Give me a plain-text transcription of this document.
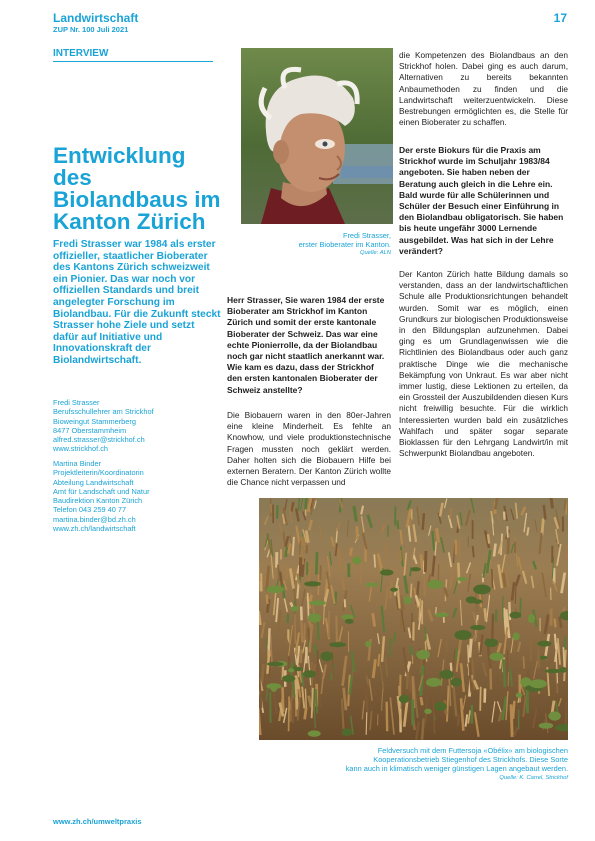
Landwirtschaft
ZUP Nr. 100 Juli 2021
17
INTERVIEW
Entwicklung des Biolandbaus im Kanton Zürich
Fredi Strasser war 1984 als erster offizieller, staatlicher Bioberater des Kantons Zürich schweizweit ein Pionier. Das war noch vor offiziellen Standards und breit angelegter Forschung im Biolandbau. Für die Zukunft steckt Strasser hohe Ziele und setzt dafür auf Initiative und Innovationskraft der Biolandwirtschaft.
Fredi Strasser
Berufsschullehrer am Strickhof
Bioweingut Stammerberg
8477 Oberstammheim
alfred.strasser@strickhof.ch
www.strickhof.ch
Martina Binder
Projektleiterin/Koordinatorin
Abteilung Landwirtschaft
Amt für Landschaft und Natur
Baudirektion Kanton Zürich
Telefon 043 259 40 77
martina.binder@bd.zh.ch
www.zh.ch/landwirtschaft
Fredi Strasser,
erster Bioberater im Kanton.
Quelle: ALN
Herr Strasser, Sie waren 1984 der erste Bioberater am Strickhof im Kanton Zürich und somit der erste kantonale Bioberater der Schweiz. Das war eine echte Pionierrolle, da der Biolandbau noch gar nicht staatlich anerkannt war. Wie kam es dazu, dass der Strickhof den ersten kantonalen Bioberater der Schweiz anstellte?
Die Biobauern waren in den 80er-Jahren eine kleine Minderheit. Es fehlte an Knowhow, und viele produktionstechnische Fragen mussten noch geklärt werden. Daher holten sich die Biobauern Hilfe bei externen Beratern. Der Kanton Zürich wollte die Chance nicht verpassen und
die Kompetenzen des Biolandbaus an den Strickhof holen. Dabei ging es auch darum, Alternativen zu bereits bekannten Anbaumethoden zu finden und die Landwirtschaft weiterzuentwickeln. Diese Bestrebungen ermöglichten es, die Stelle für einen Bioberater zu schaffen.
Der erste Biokurs für die Praxis am Strickhof wurde im Schuljahr 1983/84 angeboten. Sie haben neben der Beratung auch gleich in die Lehre ein. Bald wurde für alle Schülerinnen und Schüler der Besuch einer Einführung in den Biolandbau obligatorisch. Sie haben bis heute ungefähr 3000 Lernende ausgebildet. Was hat sich in der Lehre verändert?
Der Kanton Zürich hatte Bildung damals so verstanden, dass an der landwirtschaftlichen Schule alle Produktionsrichtungen behandelt wurden. Somit war es möglich, einen Grundkurs zur biologischen Produktionsweise in den Bildungsplan aufzunehmen. Dabei ging es um Grundlagenwissen wie die Richtlinien des Biolandbaus oder auch ganz praktische Dinge wie die mechanische Bekämpfung von Unkraut. Es war aber nicht immer lustig, diese Lektionen zu erteilen, da ein Grossteil der Auszubildenden diesen Kurs nicht freiwillig besuchte. Für die wirklich Interessierten wurden bald ein zusätzliches Wahlfach und später sogar separate Bioklassen für den Lehrgang Landwirt/in mit Schwerpunkt Biolandbau angeboten.
Feldversuch mit dem Futtersoja «Obélix» am biologischen
Kooperationsbetrieb Stiegenhof des Strickhofs. Diese Sorte
kann auch in klimatisch weniger günstigen Lagen angebaut werden.
Quelle: K. Carrel, Strickhof
www.zh.ch/umweltpraxis
